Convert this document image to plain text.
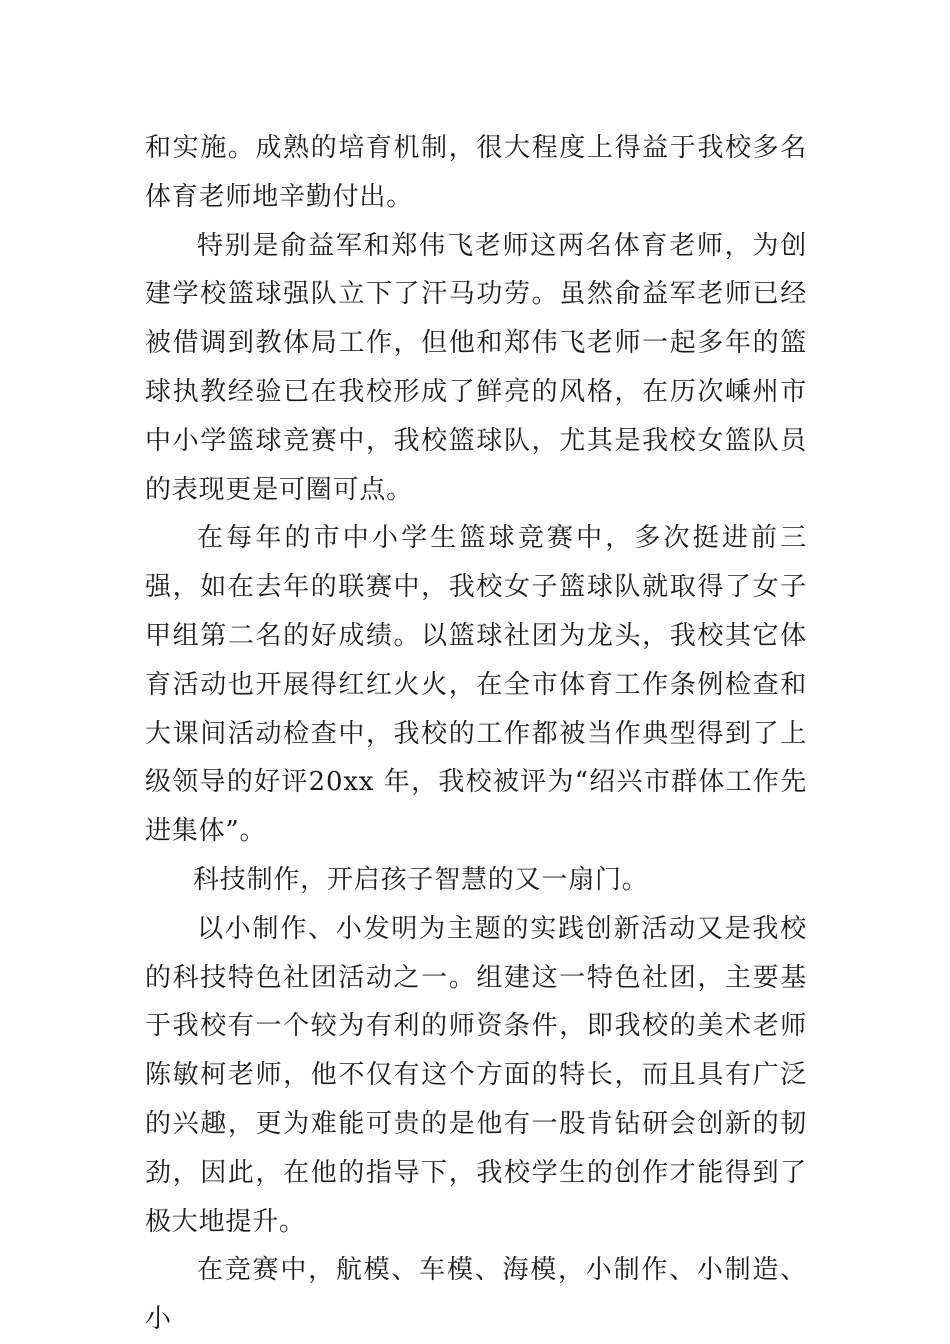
和实施。成熟的培育机制，很大程度上得益于我校多名体育老师地辛勤付出。

特别是俞益军和郑伟飞老师这两名体育老师，为创建学校篮球强队立下了汗马功劳。虽然俞益军老师已经被借调到教体局工作，但他和郑伟飞老师一起多年的篮球执教经验已在我校形成了鲜亮的风格，在历次嵊州市中小学篮球竞赛中，我校篮球队，尤其是我校女篮队员的表现更是可圈可点。

在每年的市中小学生篮球竞赛中，多次挺进前三强，如在去年的联赛中，我校女子篮球队就取得了女子甲组第二名的好成绩。以篮球社团为龙头，我校其它体育活动也开展得红红火火，在全市体育工作条例检查和大课间活动检查中，我校的工作都被当作典型得到了上级领导的好评20xx 年，我校被评为“绍兴市群体工作先进集体”。

科技制作，开启孩子智慧的又一扇门。

以小制作、小发明为主题的实践创新活动又是我校的科技特色社团活动之一。组建这一特色社团，主要基于我校有一个较为有利的师资条件，即我校的美术老师陈敏柯老师，他不仅有这个方面的特长，而且具有广泛的兴趣，更为难能可贵的是他有一股肯钻研会创新的韧劲，因此，在他的指导下，我校学生的创作才能得到了极大地提升。

在竞赛中，航模、车模、海模，小制作、小制造、小
